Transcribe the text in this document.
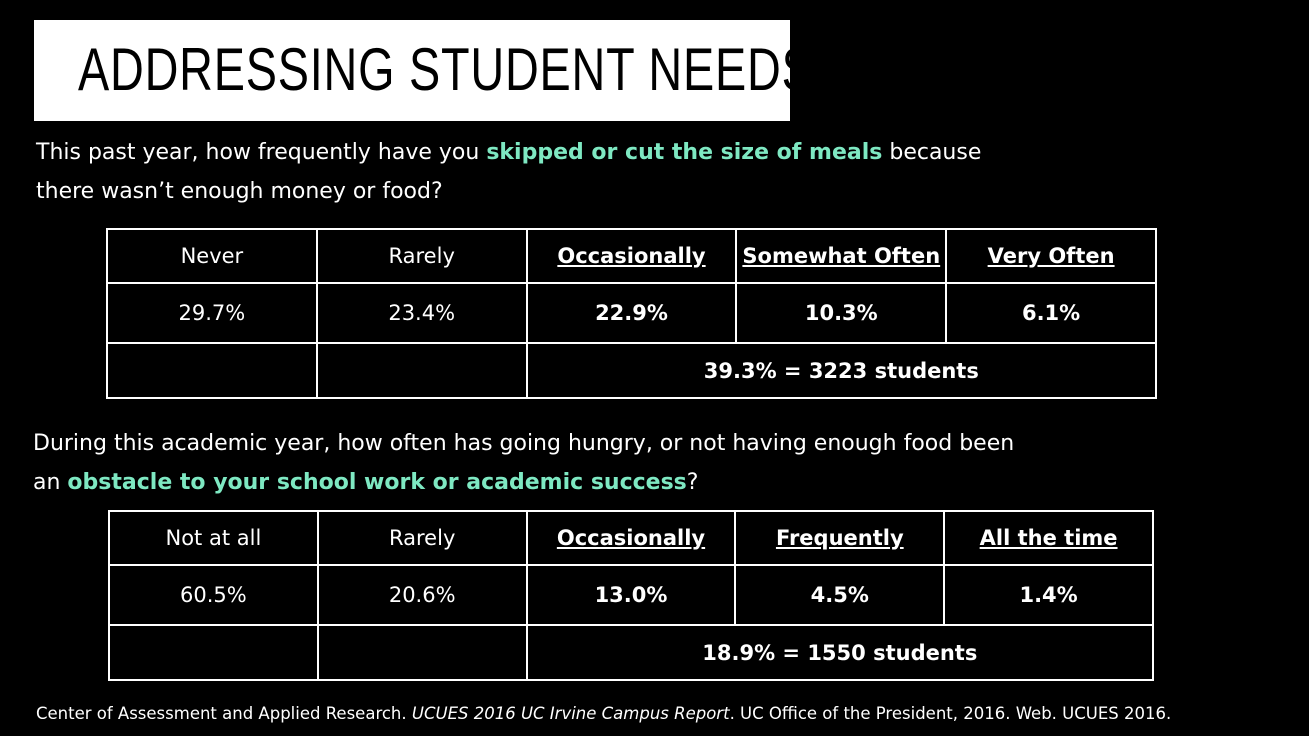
ADDRESSING STUDENT NEEDS
This past year, how frequently have you skipped or cut the size of meals because there wasn’t enough money or food?
Never	Rarely	Occasionally	Somewhat Often	Very Often
29.7%	23.4%	22.9%	10.3%	6.1%
		39.3% = 3223 students		
During this academic year, how often has going hungry, or not having enough food been an obstacle to your school work or academic success?
Not at all	Rarely	Occasionally	Frequently	All the time
60.5%	20.6%	13.0%	4.5%	1.4%
		18.9% = 1550 students		
Center of Assessment and Applied Research. UCUES 2016 UC Irvine Campus Report. UC Office of the President, 2016. Web. UCUES 2016.
